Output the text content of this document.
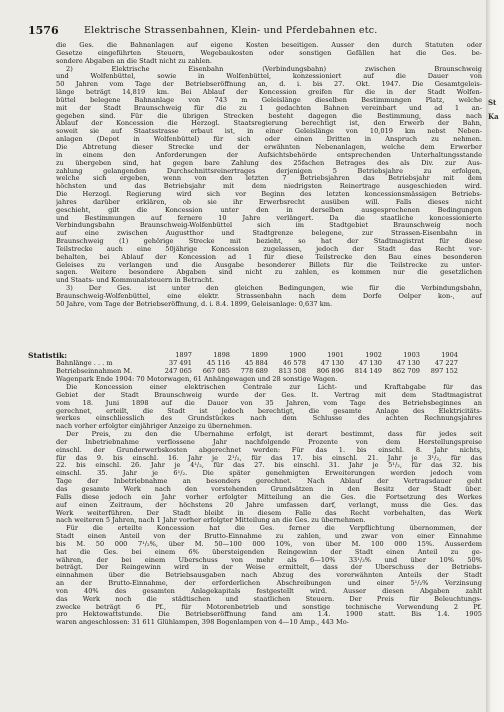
1576	Elektrische Strassenbahnen, Klein- und Pferdebahnen etc.
St
Ka
die Ges. die Bahnanlagen auf eigene Kosten beseitigen. Ausser den durch Statuten oder
Gesetze eingeführten Steuern, Wegebaukosten oder sonstigen Gefällen hat die Ges. be-
sondere Abgaben an die Stadt nicht zu zahlen.
2) Elektrische Eisenbahn (Verbindungsbahn) zwischen Braunschweig
und Wolfenbüttel, sowie in Wolfenbüttel, konzessioniert auf die Dauer von
50 Jahren vom Tage der Betriebseröffnung an, d. i. bis 27. Okt. 1947. Die Gesamtgeleis-
länge beträgt 14,819 km. Bei Ablauf der Koncession greifen für die in der Stadt Wolfen-
büttel belegene Bahnanlage von 743 m Geleislänge dieselben Bestimmungen Platz, welche
mit der Stadt Braunschweig für die zu 1 gedachten Bahnen vereinbart und ad 1 an-
gegeben sind. Für die übrigen Strecken besteht dagegen die Bestimmung, dass nach
Ablauf der Koncession die Herzogl. Staatsregierung berechtigt ist, den Erwerb der Bahn,
soweit sie auf Staatsstrasse erbaut ist, in einer Geleislänge von 10,019 km nebst Neben-
anlagen (Depot in Wolfenbüttel) für sich oder einen Dritten in Anspruch zu nehmen.
Die Abtretung dieser Strecke und der erwähnten Nebenanlagen, welche dem Erwerber
in einem den Anforderungen der Aufsichtsbehörde entsprechenden Unterhaltungsstande
zu übergeben sind, hat gegen bare Zahlung des 25fachen Betrages des als Div. zur Aus-
zahlung gelangenden Durchschnittsreinertrages derjenigen 5 Betriebsjahre zu erfolgen,
welche sich ergeben, wenn von den letzten 7 Betriebsjahren das Betriebsjahr mit dem
höchsten und das Betriebsjahr mit dem niedrigsten Reinertrage ausgeschieden wird.
Die Herzogl. Regierung wird sich vor Beginn des letzten koncessionsmässigen Betriebs-
jahres darüber erklären, ob sie ihr Erwerbsrecht ausüben will. Falls dieses nicht
geschieht, gilt die Koncession unter den in derselben ausgesprochenen Bedingungen
und Bestimmungen auf fernere 10 Jahre verlängert. Da die staatliche koncessionierte
Verbindungsbahn Braunschweig-Wolfenbüttel sich im Stadtgebiet Braunschweig noch
auf eine zwischen Augustthor und Stadtgrenze belegene, zur Strassen-Eisenbahn in
Braunschweig (1) gehörige Strecke mit bezieht, so hat der Stadtmagistrat für diese
Teilstrecke auch eine 50jährige Koncession zugelassen, jedoch der Stadt das Recht vor-
behalten, bei Ablauf der Koncession ad 1 für diese Teilstrecke den Bau eines besonderen
Geleises zu verlangen und die Ausgabe besonderer Billets für die Teilstrecke zu unter-
sagen. Weitere besondere Abgaben sind nicht zu zahlen, es kommen nur die gesetzlichen
und Staats- und Kommunalsteuern in Betracht.
3) Der Ges. ist unter den gleichen Bedingungen, wie für die Verbindungsbahn,
Braunschweig-Wolfenbüttel, eine elektr. Strassenbahn nach dem Dorfe Oelper kon-, auf
50 Jahre, vom Tage der Betriebseröffnung, d. i. 8.4. 1899, Geleisanlage: 0,637 km.
Statistik:	1897	1898	1899	1900	1901	1902	1903	1904
Bahnlänge . . . m	37 491	45 116	45 884	46 578	47 130	47 130	47 130	47 227
Betriebseinnahmen M.	247 065	667 085	778 689	813 508	806 896	814 149	862 709	897 152
Wagenpark Ende 1904: 70 Motorwagen, 61 Anhängewagen und 28 sonstige Wagen.
Die Koncession einer elektrischen Centrale zur Licht- und Kraftabgabe für das
Gebiet der Stadt Braunschweig wurde der Ges. lt. Vertrag mit dem Stadtmagistrat
vom 18. Juni 1898 auf die Dauer von 35 Jahren, vom Tage des Betriebsbeginnes an
gerechnet, erteilt, die Stadt ist jedoch berechtigt, die gesamte Anlage des Elektricitäts-
werkes einschliesslich des Grundstückes nach dem Schlusse des achten Rechnungsjahres
nach vorher erfolgter einjähriger Anzeige zu übernehmen.
Der Preis, zu den die Übernahme erfolgt, ist derart bestimmt, dass für jedes seit
der Inbetriebnahme verflossene Jahr nachfolgende Prozente von dem Herstellungspreise
einschl. der Grunderwerbskosten abgerechnet werden: Für das 1. bis einschl. 8. Jahr nichts,
für das 9. bis einschl. 16. Jahr je 2¹/₂, für das 17. bis einschl. 21. Jahr je 3¹/₂, für das
22. bis einschl. 26. Jahr je 4¹/₂, für das 27. bis einschl. 31. Jahr je 5¹/₂, für das 32. bis
einschl. 35. Jahr je 6¹/₂. Die später genehmigten Erweiterungen werden jedoch vom
Tage der Inbetriebnahme an besonders gerechnet. Nach Ablauf der Vertragsdauer geht
das gesamte Werk nach den vorstehenden Grundsätzen in den Besitz der Stadt über.
Falls diese jedoch ein Jahr vorher erfolgter Mitteilung an die Ges. die Fortsetzung des Werkes
auf einen Zeitraum, der höchstens 20 Jahre umfassen darf, verlangt, muss die Ges. das
Werk weiterführen. Der Stadt bleibt in diesem Falle das Recht vorbehalten, das Werk
nach weiteren 5 Jahren, nach 1 Jahr vorher erfolgter Mitteilung an die Ges. zu übernehmen.
Für die erteilte Koncession hat die Ges. ferner die Verpflichtung übernommen, der
Stadt einen Anteil von der Brutto-Einnahme zu zahlen, und zwar von einer Einnahme
bis M. 50 000 7¹/₂%, über M. 50—100 000 10%, von über M. 100 000 15%. Ausserdem
hat die Ges. bei einem 6% übersteigenden Reingewinn der Stadt einen Anteil zu ge-
währen, der bei einem Überschuss von mehr als 6—10% 33¹/₃% und über 10% 50%
beträgt. Der Reingewinn wird in der Weise ermittelt, dass der Überschuss der Betriebs-
einnahmen über die Betriebsausgaben nach Abzug des vorerwähnten Anteils der Stadt
an der Brutto-Einnahme, der erforderlichen Abschreibungen und einer 5¹/₂% Verzinsung
von 40% des gesamten Anlagekapitals festgestellt wird. Ausser diesen Abgaben zahlt
das Werk noch die städtischen und staatlichen Steuern. Der Preis für Beleuchtungs-
zwecke beträgt 6 Pf., für Motorenbetrieb und sonstige technische Verwendung 2 Pf.
pro Hektowattstunde. Die Betriebseröffnung fand am 1.4. 1900 statt. Bis 1.4. 1905
waren angeschlossen: 31 611 Glühlampen, 398 Bogenlampen von 4—10 Amp., 443 Mo-
